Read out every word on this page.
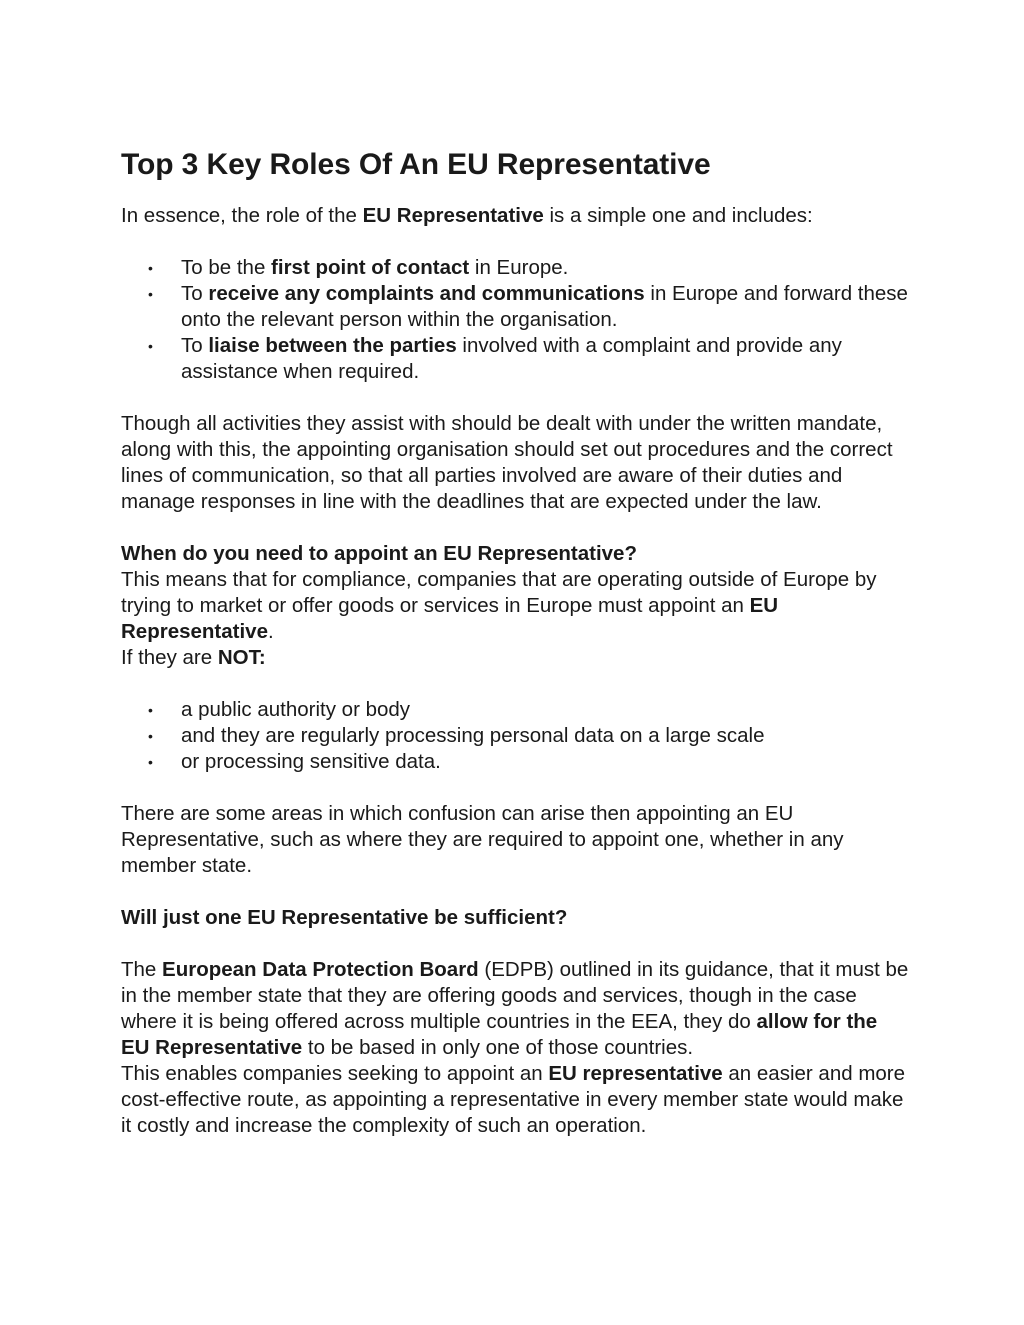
Top 3 Key Roles Of An EU Representative

In essence, the role of the EU Representative is a simple one and includes:

• To be the first point of contact in Europe.
• To receive any complaints and communications in Europe and forward these onto the relevant person within the organisation.
• To liaise between the parties involved with a complaint and provide any assistance when required.

Though all activities they assist with should be dealt with under the written mandate, along with this, the appointing organisation should set out procedures and the correct lines of communication, so that all parties involved are aware of their duties and manage responses in line with the deadlines that are expected under the law.

When do you need to appoint an EU Representative?

This means that for compliance, companies that are operating outside of Europe by trying to market or offer goods or services in Europe must appoint an EU Representative.

If they are NOT:

• a public authority or body
• and they are regularly processing personal data on a large scale
• or processing sensitive data.

There are some areas in which confusion can arise then appointing an EU Representative, such as where they are required to appoint one, whether in any member state.

Will just one EU Representative be sufficient?

The European Data Protection Board (EDPB) outlined in its guidance, that it must be in the member state that they are offering goods and services, though in the case where it is being offered across multiple countries in the EEA, they do allow for the EU Representative to be based in only one of those countries.

This enables companies seeking to appoint an EU representative an easier and more cost-effective route, as appointing a representative in every member state would make it costly and increase the complexity of such an operation.
